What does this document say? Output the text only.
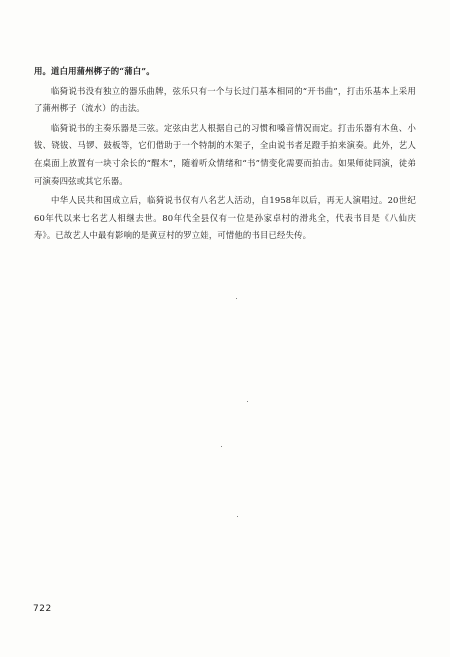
用。道白用蒲州梆子的“蒲白”。

临猗说书没有独立的器乐曲牌，弦乐只有一个与长过门基本相同的“开书曲”，打击乐基本上采用了蒲州梆子（流水）的击法。

临猗说书的主奏乐器是三弦。定弦由艺人根据自己的习惯和嗓音情况而定。打击乐器有木鱼、小钹、铙钹、马锣、鼓板等，它们借助于一个特制的木架子，全由说书者足蹬手拍来演奏。此外，艺人在桌面上放置有一块寸余长的“醒木”，随着听众情绪和“书”情变化需要而拍击。如果师徒同演，徒弟可演奏四弦或其它乐器。

中华人民共和国成立后，临猗说书仅有八名艺人活动，自1958年以后，再无人演唱过。20世纪60年代以来七名艺人相继去世。80年代全县仅有一位是孙家卓村的滑兆全，代表书目是《八仙庆寿》。已故艺人中最有影响的是黄豆村的罗立娃，可惜他的书目已经失传。

722
